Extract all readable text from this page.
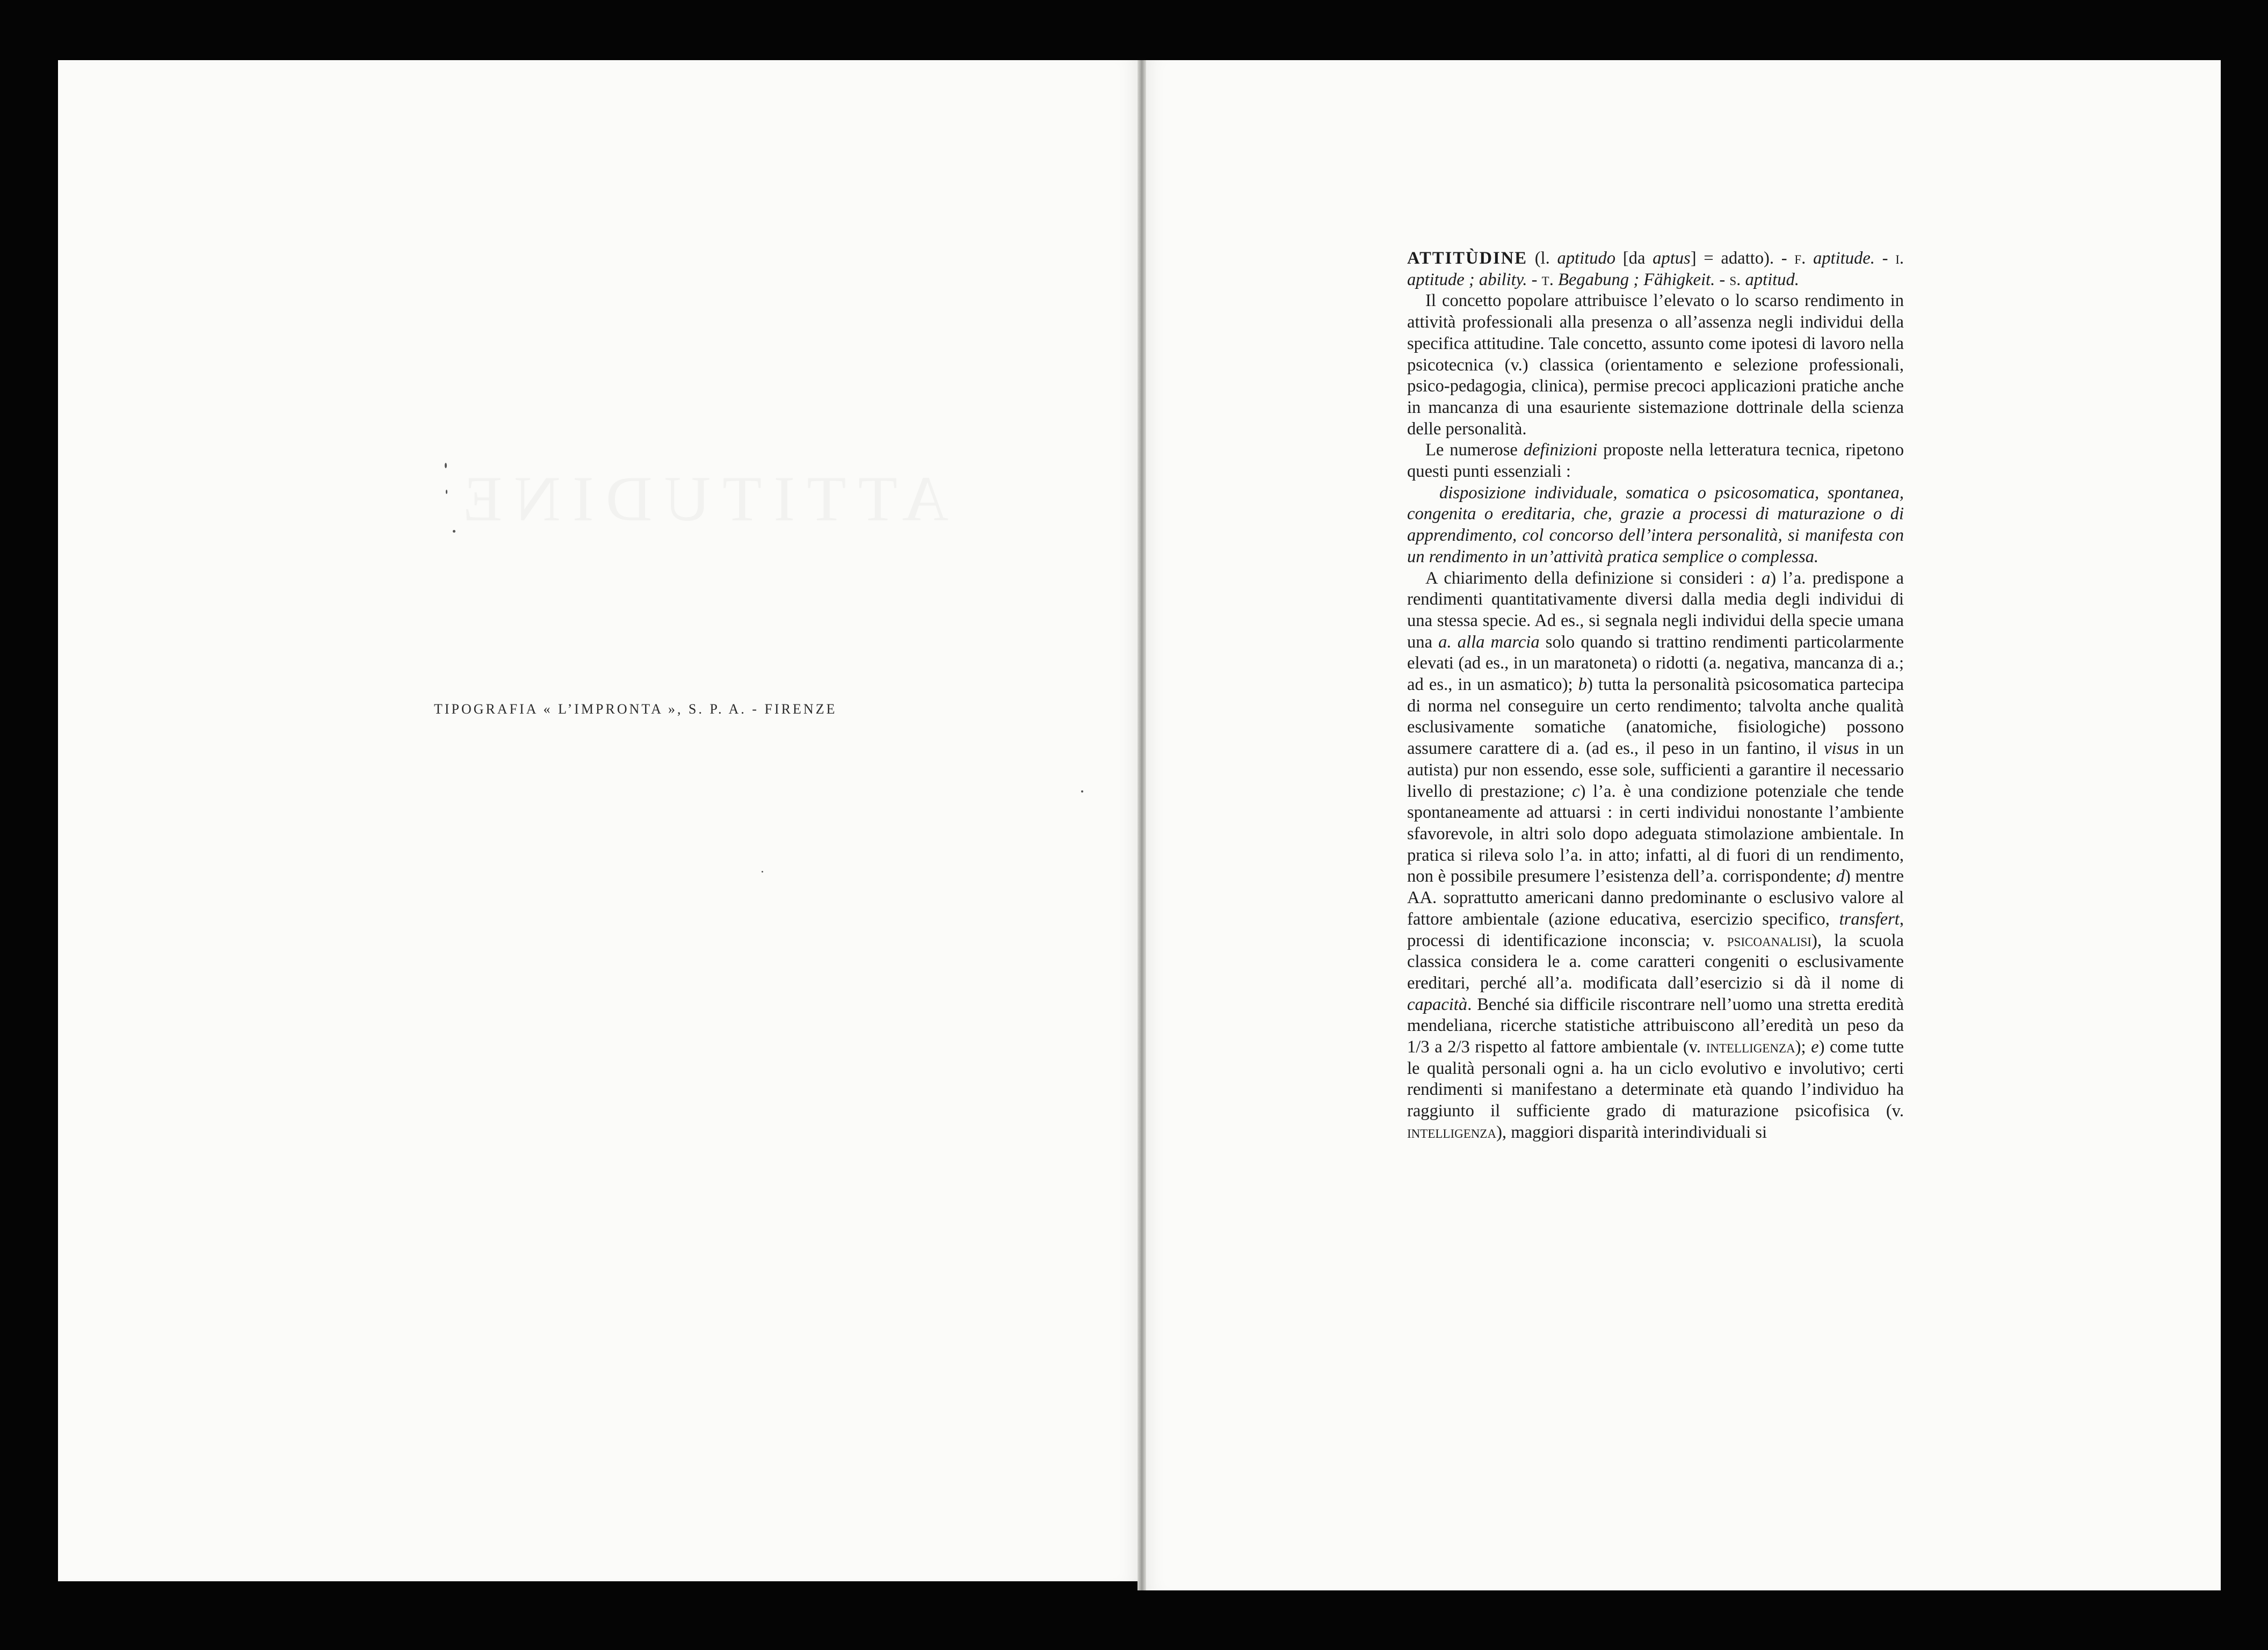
TIPOGRAFIA « L’IMPRONTA », S. P. A. - FIRENZE

ATTITÙDINE (l. aptitudo [da aptus] = adatto). - f. aptitude. - i. aptitude ; ability. - t. Begabung ; Fähigkeit. - s. aptitud.

Il concetto popolare attribuisce l’elevato o lo scarso rendimento in attività professionali alla presenza o all’assenza negli individui della specifica attitudine. Tale concetto, assunto come ipotesi di lavoro nella psicotecnica (v.) classica (orientamento e selezione professionali, psico-pedagogia, clinica), permise precoci applicazioni pratiche anche in mancanza di una esauriente sistemazione dottrinale della scienza delle personalità.

Le numerose definizioni proposte nella letteratura tecnica, ripetono questi punti essenziali :

disposizione individuale, somatica o psicosomatica, spontanea, congenita o ereditaria, che, grazie a processi di maturazione o di apprendimento, col concorso dell’intera personalità, si manifesta con un rendimento in un’attività pratica semplice o complessa.

A chiarimento della definizione si consideri : a) l’a. predispone a rendimenti quantitativamente diversi dalla media degli individui di una stessa specie. Ad es., si segnala negli individui della specie umana una a. alla marcia solo quando si trattino rendimenti particolarmente elevati (ad es., in un maratoneta) o ridotti (a. negativa, mancanza di a.; ad es., in un asmatico); b) tutta la personalità psicosomatica partecipa di norma nel conseguire un certo rendimento; talvolta anche qualità esclusivamente somatiche (anatomiche, fisiologiche) possono assumere carattere di a. (ad es., il peso in un fantino, il visus in un autista) pur non essendo, esse sole, sufficienti a garantire il necessario livello di prestazione; c) l’a. è una condizione potenziale che tende spontaneamente ad attuarsi : in certi individui nonostante l’ambiente sfavorevole, in altri solo dopo adeguata stimolazione ambientale. In pratica si rileva solo l’a. in atto; infatti, al di fuori di un rendimento, non è possibile presumere l’esistenza dell’a. corrispondente; d) mentre AA. soprattutto americani danno predominante o esclusivo valore al fattore ambientale (azione educativa, esercizio specifico, transfert, processi di identificazione inconscia; v. psicoanalisi), la scuola classica considera le a. come caratteri congeniti o esclusivamente ereditari, perché all’a. modificata dall’esercizio si dà il nome di capacità. Benché sia difficile riscontrare nell’uomo una stretta eredità mendeliana, ricerche statistiche attribuiscono all’eredità un peso da 1/3 a 2/3 rispetto al fattore ambientale (v. intelligenza); e) come tutte le qualità personali ogni a. ha un ciclo evolutivo e involutivo; certi rendimenti si manifestano a determinate età quando l’individuo ha raggiunto il sufficiente grado di maturazione psicofisica (v. intelligenza), maggiori disparità interindividuali si
